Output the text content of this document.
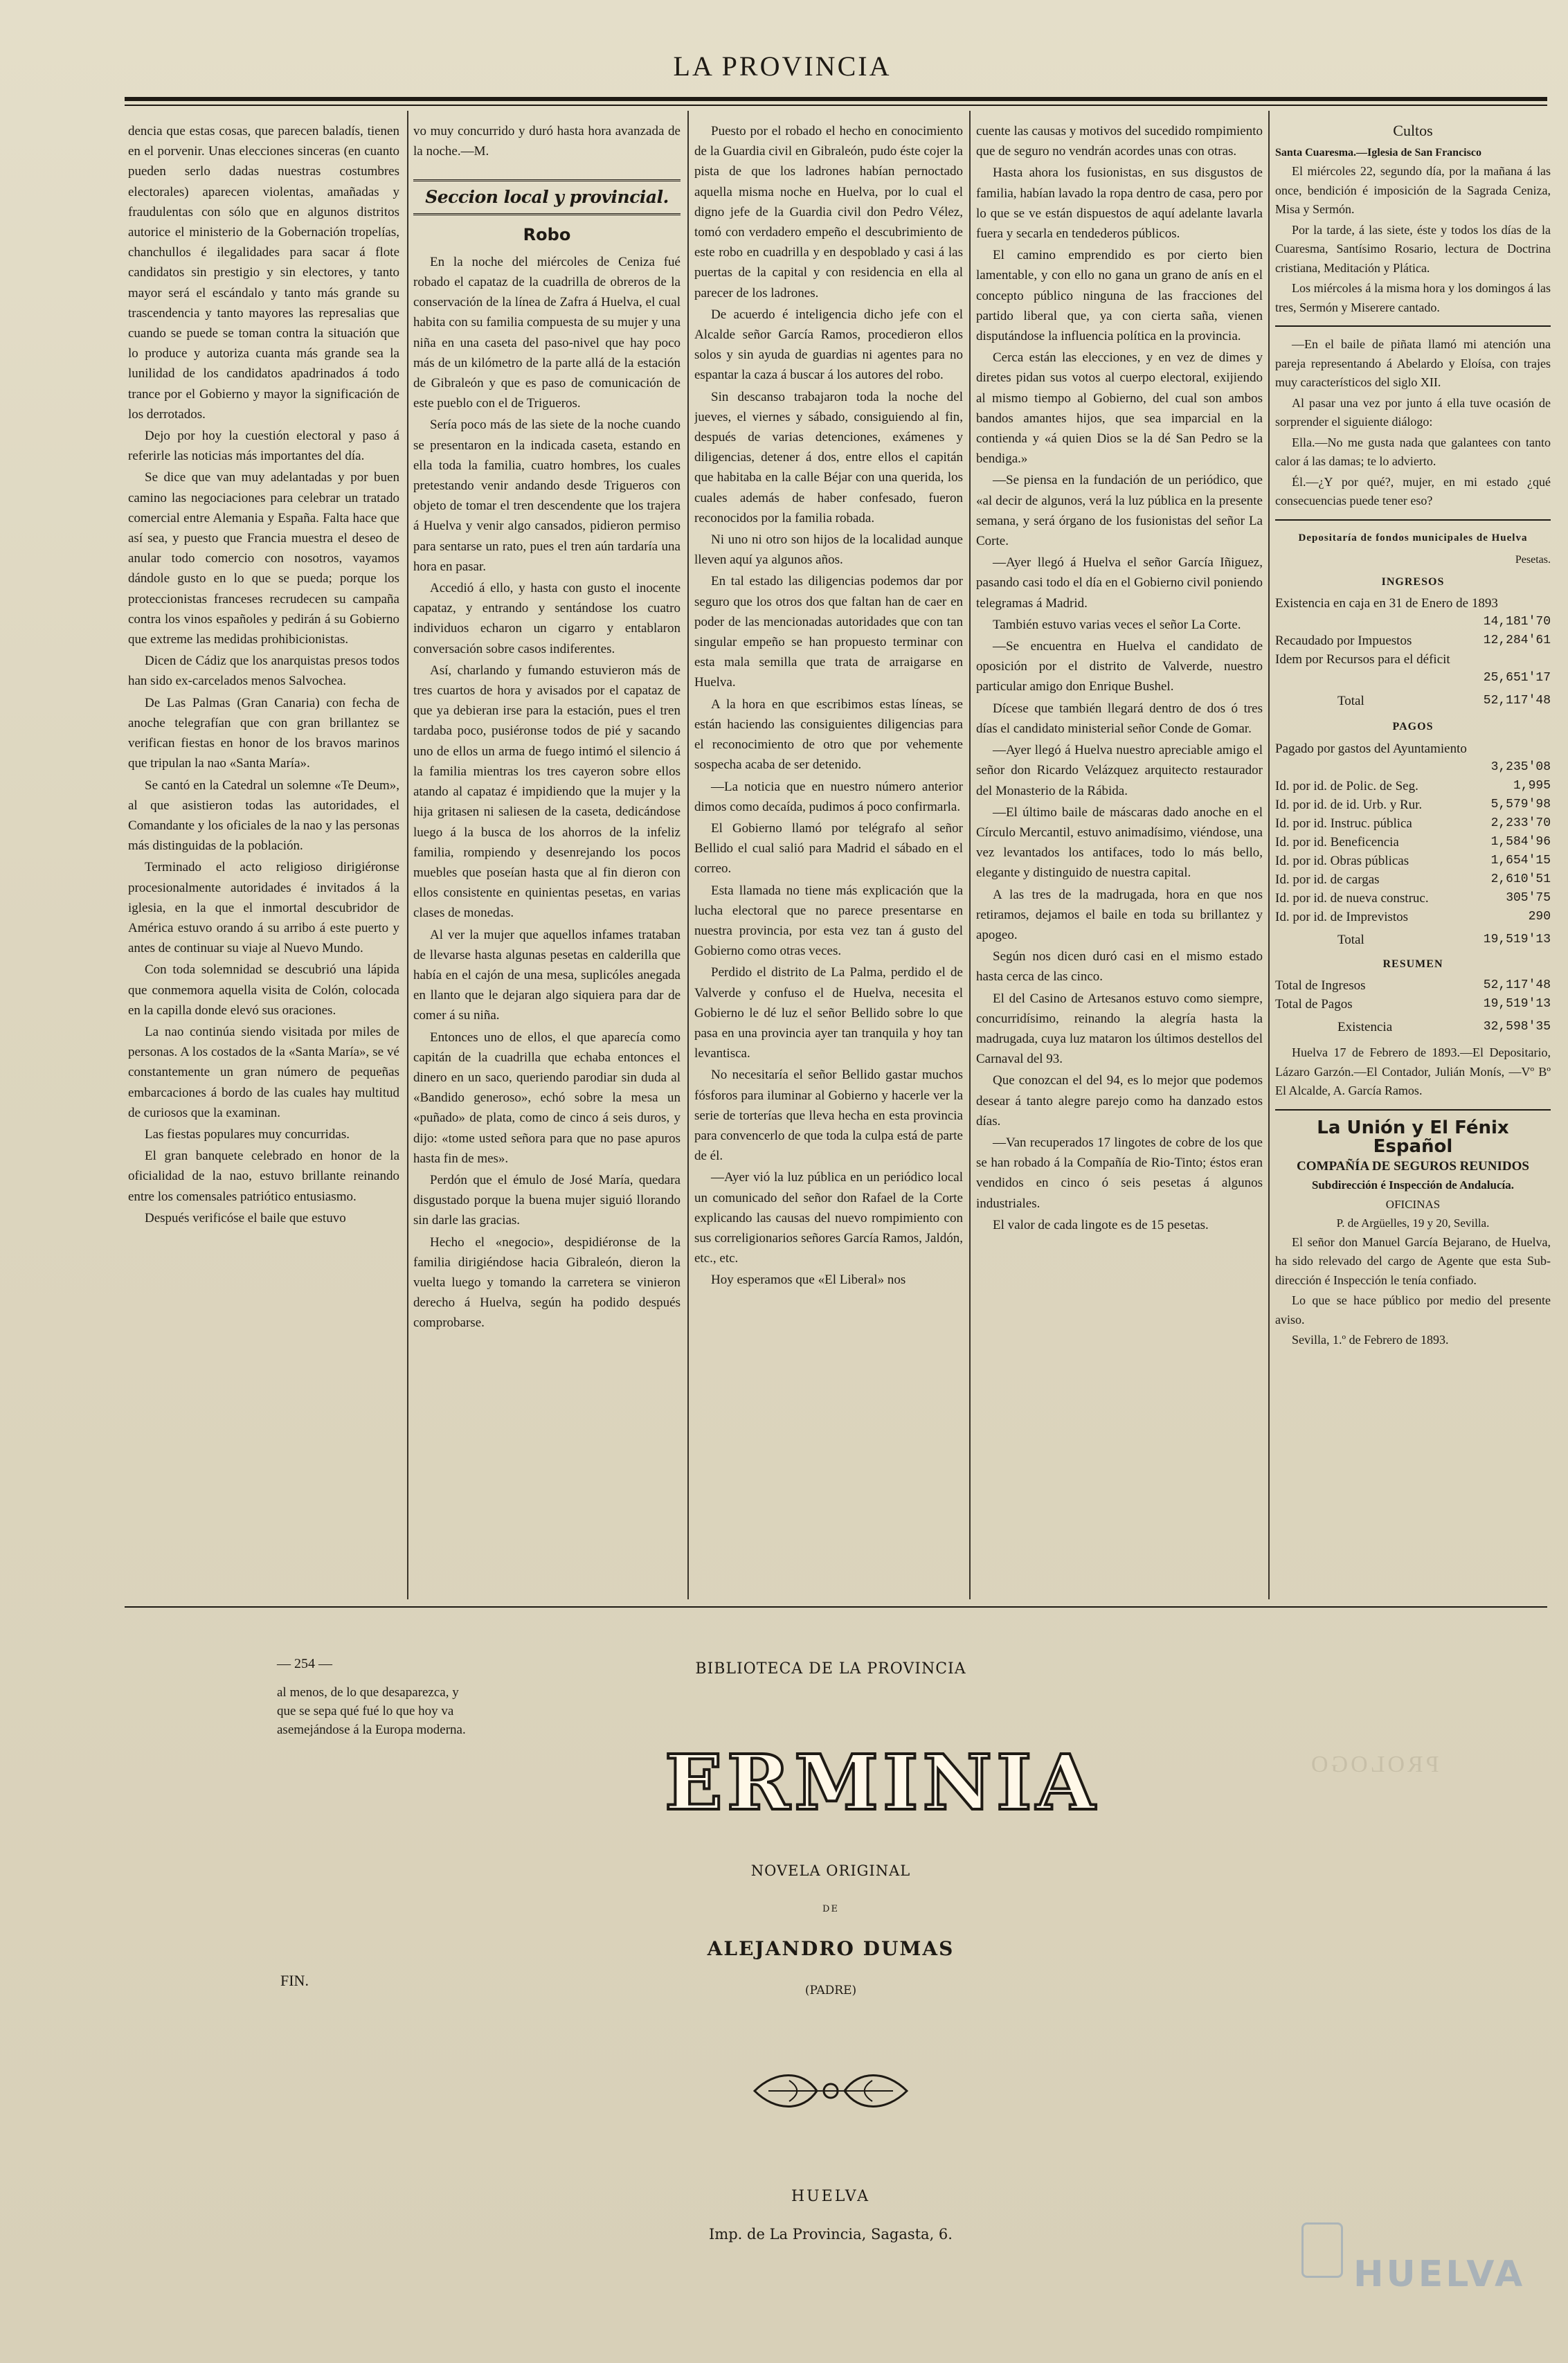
LA PROVINCIA

dencia que estas cosas, que parecen baladís, tienen en el porvenir. Unas elecciones sinceras (en cuanto pueden serlo dadas nuestras costumbres electorales) aparecen violentas, amañadas y fraudulentas con sólo que en algunos distritos autorice el ministerio de la Gobernación tropelías, chanchullos é ilegalidades para sacar á flote candidatos sin prestigio y sin electores, y tanto mayor será el escándalo y tanto más grande su trascendencia y tanto mayores las represalias que cuando se puede se toman contra la situación que lo produce y autoriza cuanta más grande sea la lunilidad de los candidatos apadrinados á todo trance por el Gobierno y mayor la significación de los derrotados.

Dejo por hoy la cuestión electoral y paso á referirle las noticias más importantes del día.

Se dice que van muy adelantadas y por buen camino las negociaciones para celebrar un tratado comercial entre Alemania y España. Falta hace que así sea, y puesto que Francia muestra el deseo de anular todo comercio con nosotros, vayamos dándole gusto en lo que se pueda; porque los proteccionistas franceses recrudecen su campaña contra los vinos españoles y pedirán á su Gobierno que extreme las medidas prohibicionistas.

Dicen de Cádiz que los anarquistas presos todos han sido ex-carcelados menos Salvochea.

De Las Palmas (Gran Canaria) con fecha de anoche telegrafían que con gran brillantez se verifican fiestas en honor de los bravos marinos que tripulan la nao «Santa María».

Se cantó en la Catedral un solemne «Te Deum», al que asistieron todas las autoridades, el Comandante y los oficiales de la nao y las personas más distinguidas de la población.

Terminado el acto religioso dirigiéronse procesionalmente autoridades é invitados á la iglesia, en la que el inmortal descubridor de América estuvo orando á su arribo á este puerto y antes de continuar su viaje al Nuevo Mundo.

Con toda solemnidad se descubrió una lápida que conmemora aquella visita de Colón, colocada en la capilla donde elevó sus oraciones.

La nao continúa siendo visitada por miles de personas. A los costados de la «Santa María», se vé constantemente un gran número de pequeñas embarcaciones á bordo de las cuales hay multitud de curiosos que la examinan.

Las fiestas populares muy concurridas.

El gran banquete celebrado en honor de la oficialidad de la nao, estuvo brillante reinando entre los comensales patriótico entusiasmo.

Después verificóse el baile que estuvo

vo muy concurrido y duró hasta hora avanzada de la noche.—M.

Seccion local y provincial.
Robo

En la noche del miércoles de Ceniza fué robado el capataz de la cuadrilla de obreros de la conservación de la línea de Zafra á Huelva, el cual habita con su familia compuesta de su mujer y una niña en una caseta del paso-nivel que hay poco más de un kilómetro de la parte allá de la estación de Gibraleón y que es paso de comunicación de este pueblo con el de Trigueros.

Sería poco más de las siete de la noche cuando se presentaron en la indicada caseta, estando en ella toda la familia, cuatro hombres, los cuales pretestando venir andando desde Trigueros con objeto de tomar el tren descendente que los trajera á Huelva y venir algo cansados, pidieron permiso para sentarse un rato, pues el tren aún tardaría una hora en pasar.

Accedió á ello, y hasta con gusto el inocente capataz, y entrando y sentándose los cuatro individuos echaron un cigarro y entablaron conversación sobre casos indiferentes.

Así, charlando y fumando estuvieron más de tres cuartos de hora y avisados por el capataz de que ya debieran irse para la estación, pues el tren tardaba poco, pusiéronse todos de pié y sacando uno de ellos un arma de fuego intimó el silencio á la familia mientras los tres cayeron sobre ellos atando al capataz é impidiendo que la mujer y la hija gritasen ni saliesen de la caseta, dedicándose luego á la busca de los ahorros de la infeliz familia, rompiendo y desenrejando los pocos muebles que poseían hasta que al fin dieron con ellos consistente en quinientas pesetas, en varias clases de monedas.

Al ver la mujer que aquellos infames trataban de llevarse hasta algunas pesetas en calderilla que había en el cajón de una mesa, suplicóles anegada en llanto que le dejaran algo siquiera para dar de comer á su niña.

Entonces uno de ellos, el que aparecía como capitán de la cuadrilla que echaba entonces el dinero en un saco, queriendo parodiar sin duda al «Bandido generoso», echó sobre la mesa un «puñado» de plata, como de cinco á seis duros, y dijo: «tome usted señora para que no pase apuros hasta fin de mes».

Perdón que el émulo de José María, quedara disgustado porque la buena mujer siguió llorando sin darle las gracias.

Hecho el «negocio», despidiéronse de la familia dirigiéndose hacia Gibraleón, dieron la vuelta luego y tomando la carretera se vinieron derecho á Huelva, según ha podido después comprobarse.

Puesto por el robado el hecho en conocimiento de la Guardia civil en Gibraleón, pudo éste cojer la pista de que los ladrones habían pernoctado aquella misma noche en Huelva, por lo cual el digno jefe de la Guardia civil don Pedro Vélez, tomó con verdadero empeño el descubrimiento de este robo en cuadrilla y en despoblado y casi á las puertas de la capital y con residencia en ella al parecer de los ladrones.

De acuerdo é inteligencia dicho jefe con el Alcalde señor García Ramos, procedieron ellos solos y sin ayuda de guardias ni agentes para no espantar la caza á buscar á los autores del robo.

Sin descanso trabajaron toda la noche del jueves, el viernes y sábado, consiguiendo al fin, después de varias detenciones, exámenes y diligencias, detener á dos, entre ellos el capitán que habitaba en la calle Béjar con una querida, los cuales además de haber confesado, fueron reconocidos por la familia robada.

Ni uno ni otro son hijos de la localidad aunque lleven aquí ya algunos años.

En tal estado las diligencias podemos dar por seguro que los otros dos que faltan han de caer en poder de las mencionadas autoridades que con tan singular empeño se han propuesto terminar con esta mala semilla que trata de arraigarse en Huelva.

A la hora en que escribimos estas líneas, se están haciendo las consiguientes diligencias para el reconocimiento de otro que por vehemente sospecha acaba de ser detenido.

—La noticia que en nuestro número anterior dimos como decaída, pudimos á poco confirmarla.

El Gobierno llamó por telégrafo al señor Bellido el cual salió para Madrid el sábado en el correo.

Esta llamada no tiene más explicación que la lucha electoral que no parece presentarse en nuestra provincia, por esta vez tan á gusto del Gobierno como otras veces.

Perdido el distrito de La Palma, perdido el de Valverde y confuso el de Huelva, necesita el Gobierno le dé luz el señor Bellido sobre lo que pasa en una provincia ayer tan tranquila y hoy tan levantisca.

No necesitaría el señor Bellido gastar muchos fósforos para iluminar al Gobierno y hacerle ver la serie de torterías que lleva hecha en esta provincia para convencerlo de que toda la culpa está de parte de él.

—Ayer vió la luz pública en un periódico local un comunicado del señor don Rafael de la Corte explicando las causas del nuevo rompimiento con sus correligionarios señores García Ramos, Jaldón, etc., etc.

Hoy esperamos que «El Liberal» nos

cuente las causas y motivos del sucedido rompimiento que de seguro no vendrán acordes unas con otras.

Hasta ahora los fusionistas, en sus disgustos de familia, habían lavado la ropa dentro de casa, pero por lo que se ve están dispuestos de aquí adelante lavarla fuera y secarla en tendederos públicos.

El camino emprendido es por cierto bien lamentable, y con ello no gana un grano de anís en el concepto público ninguna de las fracciones del partido liberal que, ya con cierta saña, vienen disputándose la influencia política en la provincia.

Cerca están las elecciones, y en vez de dimes y diretes pidan sus votos al cuerpo electoral, exijiendo al mismo tiempo al Gobierno, del cual son ambos bandos amantes hijos, que sea imparcial en la contienda y «á quien Dios se la dé San Pedro se la bendiga.»

—Se piensa en la fundación de un periódico, que «al decir de algunos, verá la luz pública en la presente semana, y será órgano de los fusionistas del señor La Corte.

—Ayer llegó á Huelva el señor García Iñiguez, pasando casi todo el día en el Gobierno civil poniendo telegramas á Madrid.

También estuvo varias veces el señor La Corte.

—Se encuentra en Huelva el candidato de oposición por el distrito de Valverde, nuestro particular amigo don Enrique Bushel.

Dícese que también llegará dentro de dos ó tres días el candidato ministerial señor Conde de Gomar.

—Ayer llegó á Huelva nuestro apreciable amigo el señor don Ricardo Velázquez arquitecto restaurador del Monasterio de la Rábida.

—El último baile de máscaras dado anoche en el Círculo Mercantil, estuvo animadísimo, viéndose, una vez levantados los antifaces, todo lo más bello, elegante y distinguido de nuestra capital.

A las tres de la madrugada, hora en que nos retiramos, dejamos el baile en toda su brillantez y apogeo.

Según nos dicen duró casi en el mismo estado hasta cerca de las cinco.

El del Casino de Artesanos estuvo como siempre, concurridísimo, reinando la alegría hasta la madrugada, cuya luz mataron los últimos destellos del Carnaval del 93.

Que conozcan el del 94, es lo mejor que podemos desear á tanto alegre parejo como ha danzado estos días.

—Van recuperados 17 lingotes de cobre de los que se han robado á la Compañía de Rio-Tinto; éstos eran vendidos en cinco ó seis pesetas á algunos industriales.

El valor de cada lingote es de 15 pesetas.

Cultos
Santa Cuaresma.—Iglesia de San Francisco

El miércoles 22, segundo día, por la mañana á las once, bendición é imposición de la Sagrada Ceniza, Misa y Sermón.

Por la tarde, á las siete, éste y todos los días de la Cuaresma, Santísimo Rosario, lectura de Doctrina cristiana, Meditación y Plática.

Los miércoles á la misma hora y los domingos á las tres, Sermón y Miserere cantado.

—En el baile de piñata llamó mi atención una pareja representando á Abelardo y Eloísa, con trajes muy característicos del siglo XII.

Al pasar una vez por junto á ella tuve ocasión de sorprender el siguiente diálogo:

Ella.—No me gusta nada que galantees con tanto calor á las damas; te lo advierto.

Él.—¿Y por qué?, mujer, en mi estado ¿qué consecuencias puede tener eso?

Depositaría de fondos municipales de Huelva
Pesetas.
INGRESOS
Existencia en caja en 31 de Enero de 1893
14,181'70
Recaudado por Impuestos	12,284'61
Idem por Recursos para el déficit
25,651'17
Total	52,117'48
PAGOS
Pagado por gastos del Ayuntamiento
3,235'08
Id. por id. de Polic. de Seg.	1,995
Id. por id. de id. Urb. y Rur.	5,579'98
Id. por id. Instruc. pública	2,233'70
Id. por id. Beneficencia	1,584'96
Id. por id. Obras públicas	1,654'15
Id. por id. de cargas	2,610'51
Id. por id. de nueva construc.	305'75
Id. por id. de Imprevistos	290
Total	19,519'13
RESUMEN
Total de Ingresos	52,117'48
Total de Pagos	19,519'13
Existencia	32,598'35

Huelva 17 de Febrero de 1893.—El Depositario, Lázaro Garzón.—El Contador, Julián Monís, —Vº Bº El Alcalde, A. García Ramos.

La Unión y El Fénix Español
COMPAÑÍA DE SEGUROS REUNIDOS
Subdirección é Inspección de Andalucía.
OFICINAS
P. de Argüelles, 19 y 20, Sevilla.

El señor don Manuel García Bejarano, de Huelva, ha sido relevado del cargo de Agente que esta Sub-dirección é Inspección le tenía confiado.

Lo que se hace público por medio del presente aviso.

Sevilla, 1.º de Febrero de 1893.

— 254 —
al menos, de lo que desaparezca, y que se sepa qué fué lo que hoy va asemejándose á la Europa moderna.
FIN.
BIBLIOTECA DE LA PROVINCIA
ERMINIA
NOVELA ORIGINAL
DE
ALEJANDRO DUMAS
(PADRE)
HUELVA
Imp. de La Provincia, Sagasta, 6.
PROLOGO
HUELVA
